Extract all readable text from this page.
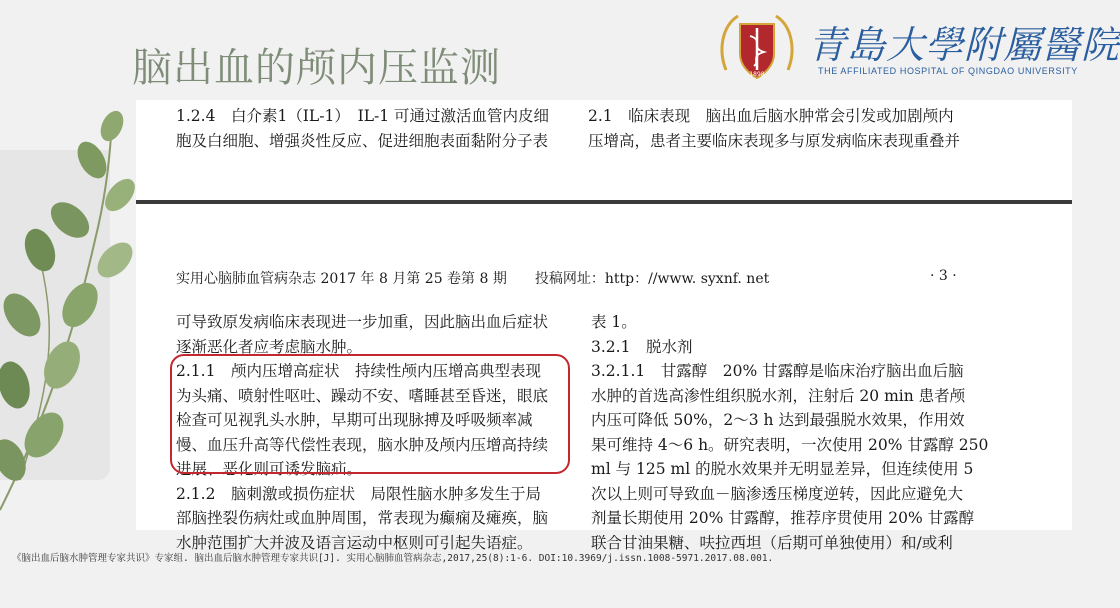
脑出血的颅内压监测	1898
青島大學附屬醫院
THE AFFILIATED HOSPITAL OF QINGDAO UNIVERSITY
1.2.4　白介素1（IL-1）　IL-1 可通过激活血管内皮细
胞及白细胞、增强炎性反应、促进细胞表面黏附分子表
2.1　临床表现　脑出血后脑水肿常会引发或加剧颅内
压增高，患者主要临床表现多与原发病临床表现重叠并
实用心脑肺血管病杂志 2017 年 8 月第 25 卷第 8 期　　投稿网址：http：//www. syxnf. net	· 3 ·
可导致原发病临床表现进一步加重，因此脑出血后症状
逐渐恶化者应考虑脑水肿。
2.1.1　颅内压增高症状　持续性颅内压增高典型表现
为头痛、喷射性呕吐、躁动不安、嗜睡甚至昏迷，眼底
检查可见视乳头水肿，早期可出现脉搏及呼吸频率减
慢、血压升高等代偿性表现，脑水肿及颅内压增高持续
进展、恶化则可诱发脑疝。
2.1.2　脑刺激或损伤症状　局限性脑水肿多发生于局
部脑挫裂伤病灶或血肿周围，常表现为癫痫及瘫痪，脑
水肿范围扩大并波及语言运动中枢则可引起失语症。
表 1。
3.2.1　脱水剂
3.2.1.1　甘露醇　20% 甘露醇是临床治疗脑出血后脑
水肿的首选高渗性组织脱水剂，注射后 20 min 患者颅
内压可降低 50%，2～3 h 达到最强脱水效果，作用效
果可维持 4～6 h。研究表明，一次使用 20% 甘露醇 250
ml 与 125 ml 的脱水效果并无明显差异，但连续使用 5
次以上则可导致血－脑渗透压梯度逆转，因此应避免大
剂量长期使用 20% 甘露醇，推荐序贯使用 20% 甘露醇
联合甘油果糖、呋拉西坦（后期可单独使用）和/或利
《脑出血后脑水肿管理专家共识》专家组. 脑出血后脑水肿管理专家共识[J]. 实用心脑肺血管病杂志,2017,25(8):1-6. DOI:10.3969/j.issn.1008-5971.2017.08.001.
